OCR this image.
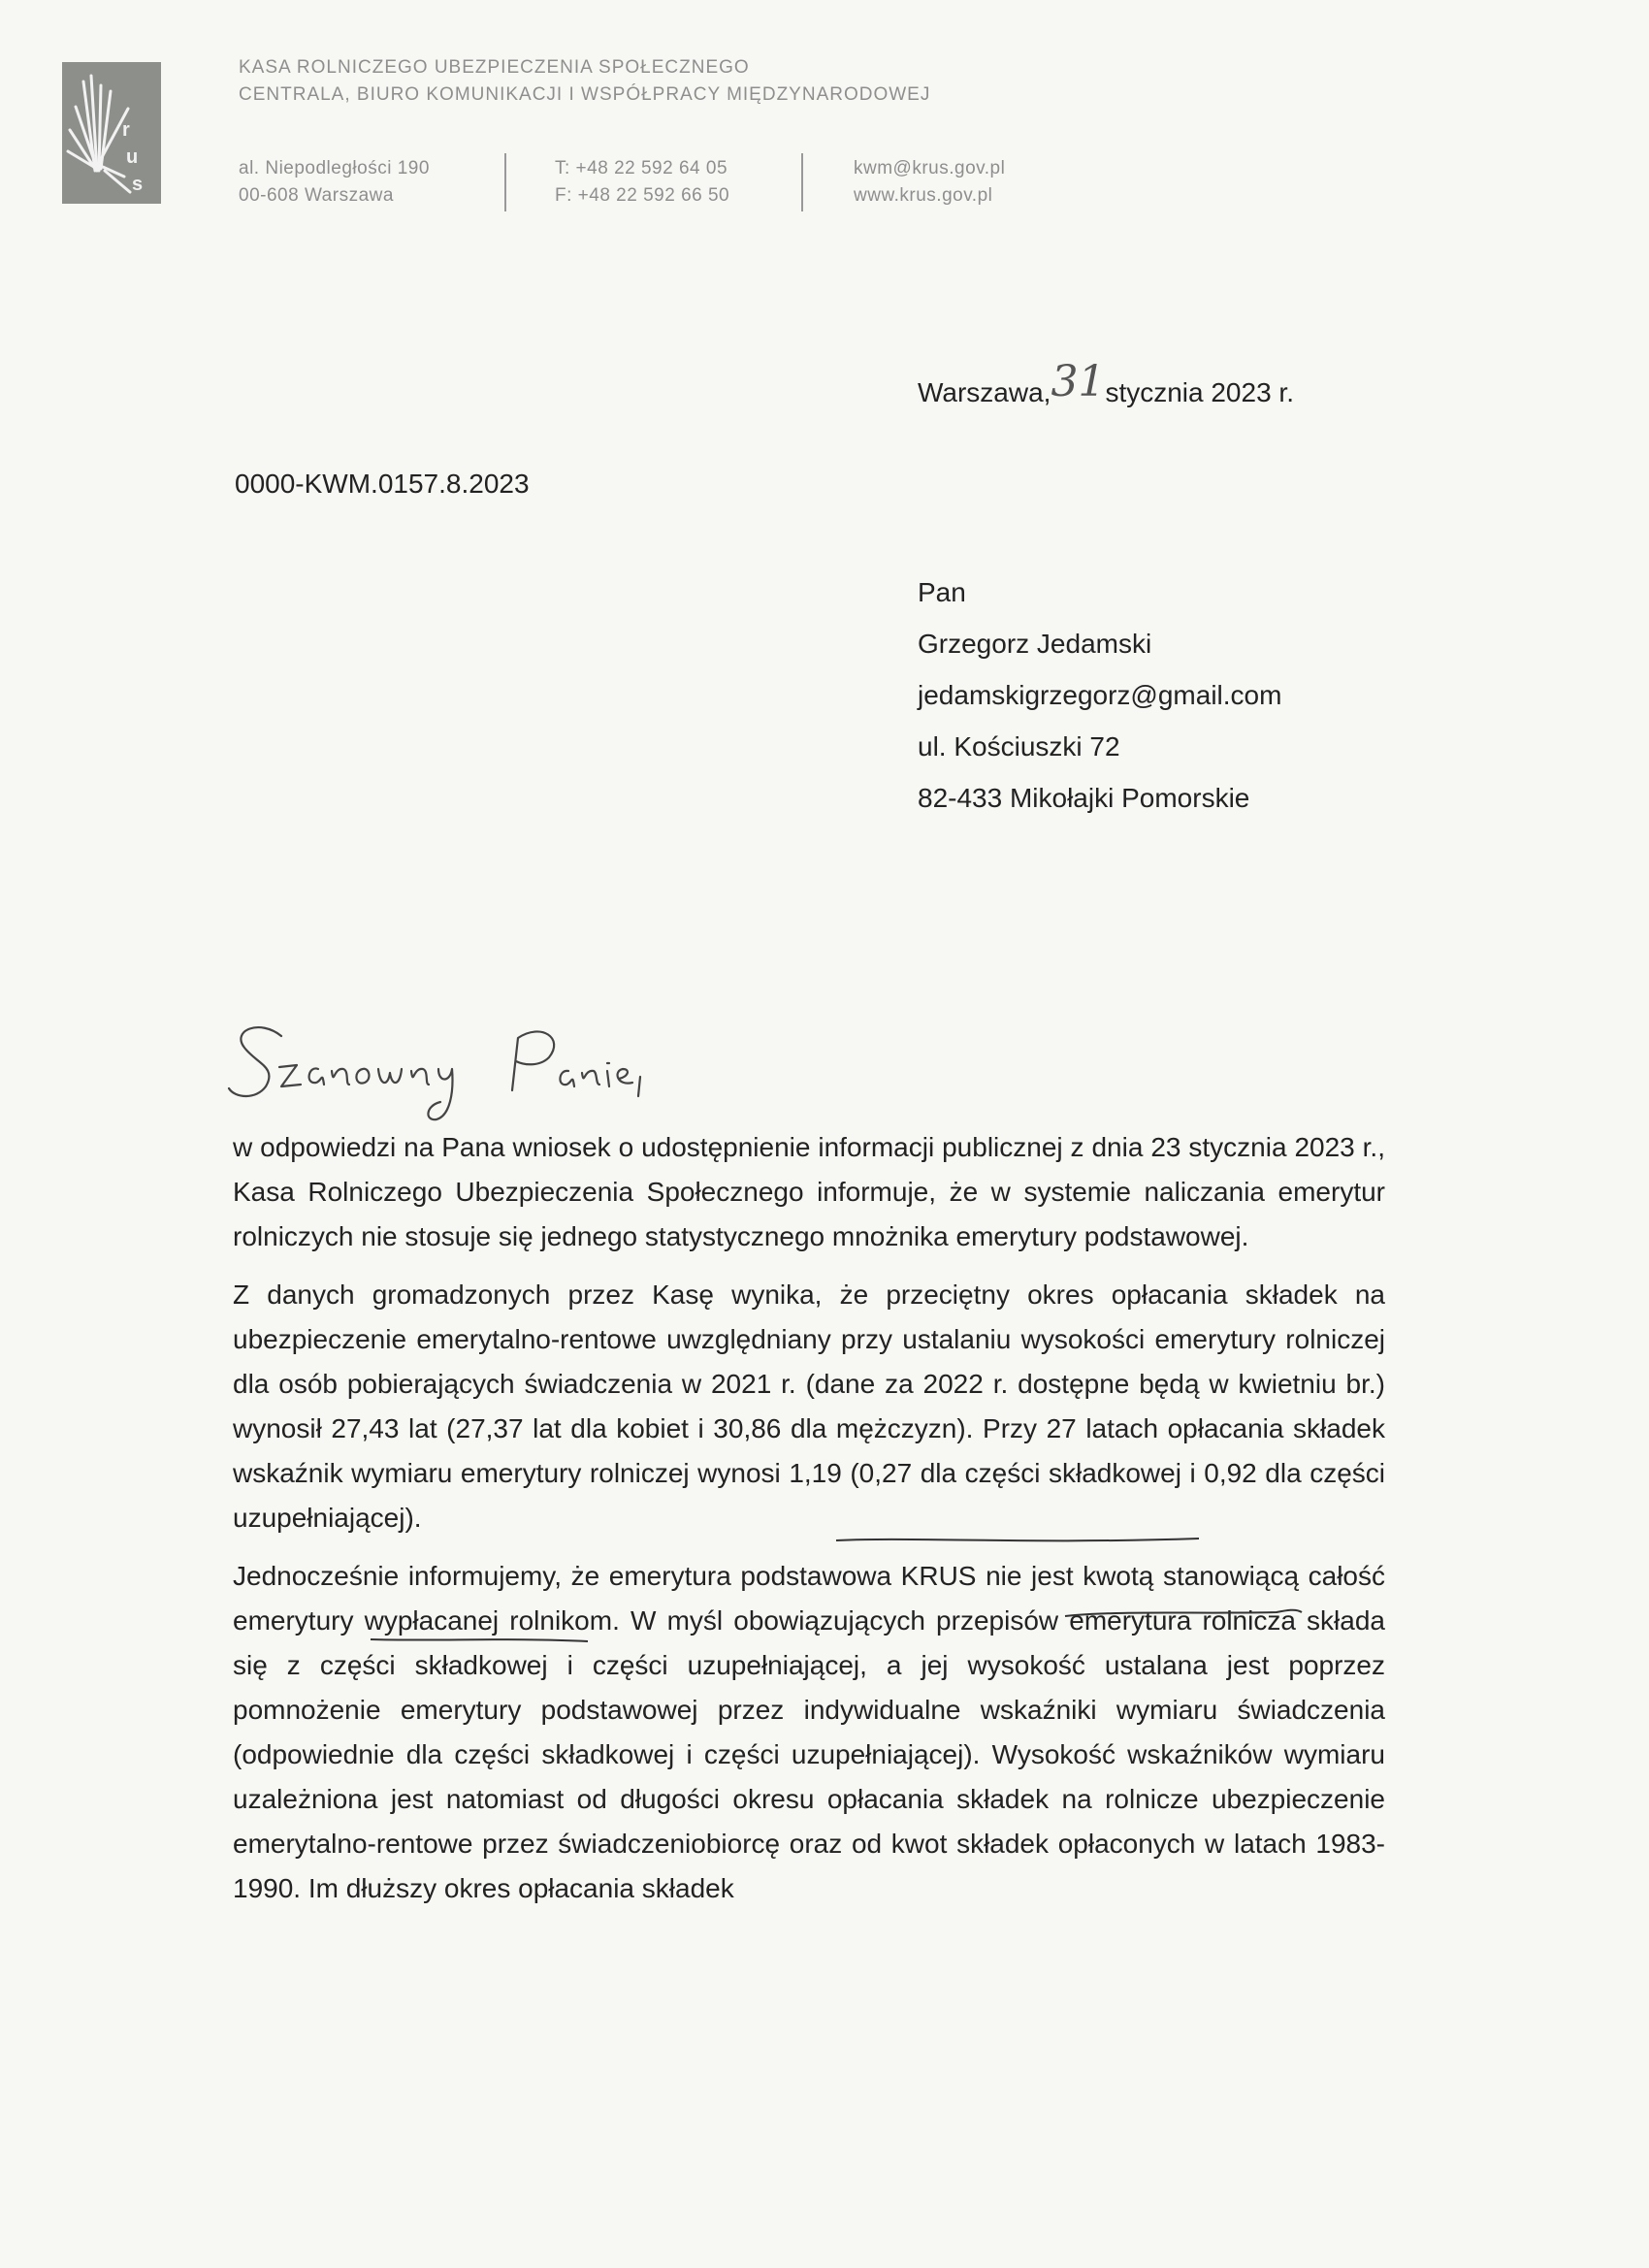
r
u
s
KASA ROLNICZEGO UBEZPIECZENIA SPOŁECZNEGO
CENTRALA, BIURO KOMUNIKACJI I WSPÓŁPRACY MIĘDZYNARODOWEJ
al. Niepodległości 190
00-608 Warszawa
T: +48 22 592 64 05
F: +48 22 592 66 50
kwm@krus.gov.pl
www.krus.gov.pl
Warszawa,31stycznia 2023 r.
0000-KWM.0157.8.2023
Pan
Grzegorz Jedamski
jedamskigrzegorz@gmail.com
ul. Kościuszki 72
82-433 Mikołajki Pomorskie

w odpowiedzi na Pana wniosek o udostępnienie informacji publicznej z dnia 23 stycznia 2023 r., Kasa Rolniczego Ubezpieczenia Społecznego informuje, że w systemie naliczania emerytur rolniczych nie stosuje się jednego statystycznego mnożnika emerytury podstawowej.

Z danych gromadzonych przez Kasę wynika, że przeciętny okres opłacania składek na ubezpieczenie emerytalno-rentowe uwzględniany przy ustalaniu wysokości emerytury rolniczej dla osób pobierających świadczenia w 2021 r. (dane za 2022 r. dostępne będą w kwietniu br.) wynosił 27,43 lat (27,37 lat dla kobiet i 30,86 dla mężczyzn). Przy 27 latach opłacania składek wskaźnik wymiaru emerytury rolniczej wynosi 1,19 (0,27 dla części składkowej i 0,92 dla części uzupełniającej).

Jednocześnie informujemy, że emerytura podstawowa KRUS nie jest kwotą stanowiącą całość emerytury wypłacanej rolnikom. W myśl obowiązujących przepisów emerytura rolnicza składa się z części składkowej i części uzupełniającej, a jej wysokość ustalana jest poprzez pomnożenie emerytury podstawowej przez indywidualne wskaźniki wymiaru świadczenia (odpowiednie dla części składkowej i części uzupełniającej). Wysokość wskaźników wymiaru uzależniona jest natomiast od długości okresu opłacania składek na rolnicze ubezpieczenie emerytalno-rentowe przez świadczeniobiorcę oraz od kwot składek opłaconych w latach 1983-1990. Im dłuższy okres opłacania składek
